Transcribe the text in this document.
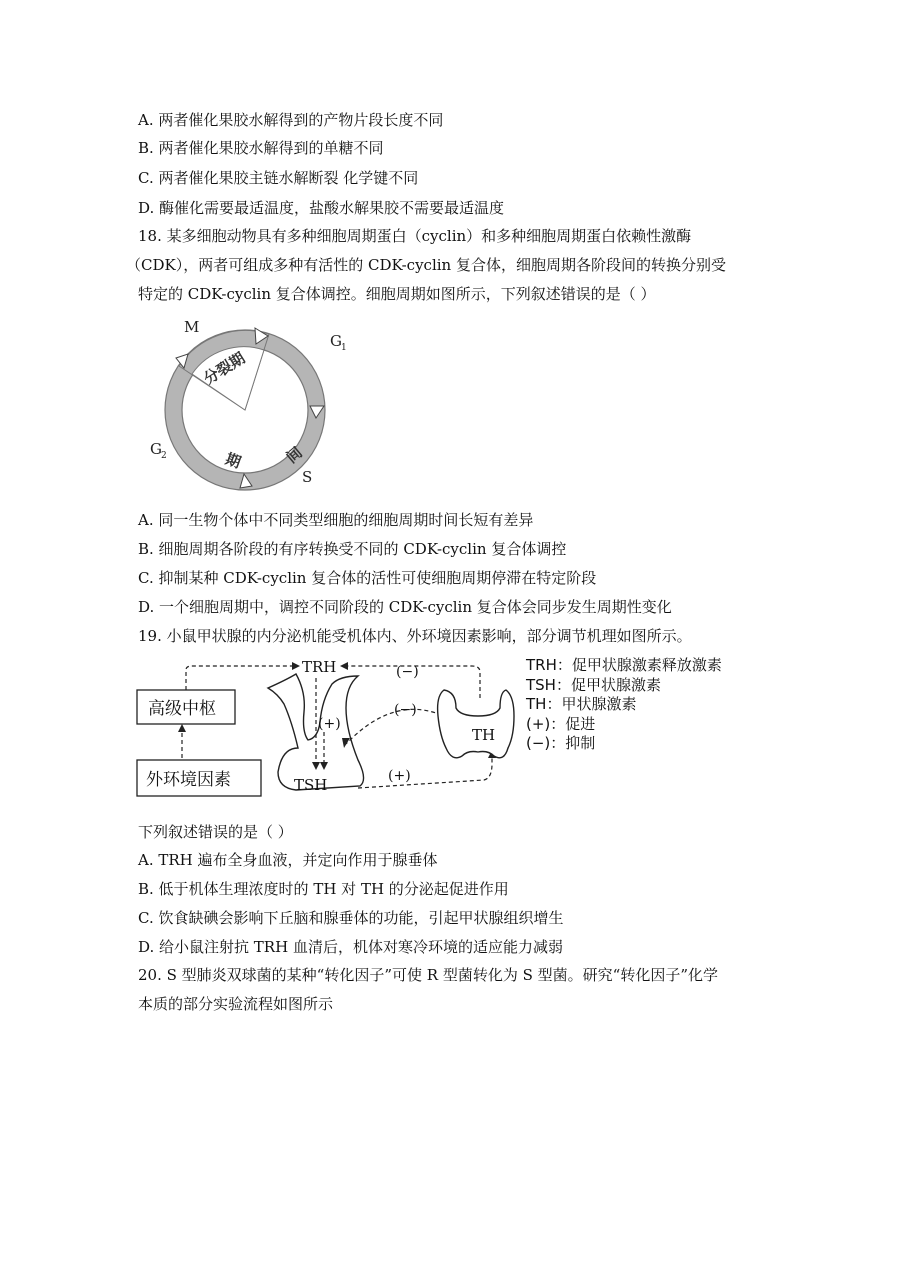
A. 两者催化果胶水解得到的产物片段长度不同
B. 两者催化果胶水解得到的单糖不同
C. 两者催化果胶主链水解断裂 化学键不同
D. 酶催化需要最适温度，盐酸水解果胶不需要最适温度
18. 某多细胞动物具有多种细胞周期蛋白（cyclin）和多种细胞周期蛋白依赖性激酶
（CDK），两者可组成多种有活性的 CDK-cyclin 复合体，细胞周期各阶段间的转换分别受
特定的 CDK-cyclin 复合体调控。细胞周期如图所示，下列叙述错误的是（ ）
M
G 1
G 2
S
分裂期
间
期
A. 同一生物个体中不同类型细胞的细胞周期时间长短有差异
B. 细胞周期各阶段的有序转换受不同的 CDK-cyclin 复合体调控
C. 抑制某种 CDK-cyclin 复合体的活性可使细胞周期停滞在特定阶段
D. 一个细胞周期中，调控不同阶段的 CDK-cyclin 复合体会同步发生周期性变化
19. 小鼠甲状腺的内分泌机能受机体内、外环境因素影响，部分调节机理如图所示。
高级中枢
外环境因素
TRH
(+)
TSH	(+)
(−)
(−)
TH
TRH：促甲状腺激素释放激素
TSH：促甲状腺激素
TH：甲状腺激素
(+)：促进
(−)：抑制
下列叙述错误的是（ ）
A. TRH 遍布全身血液，并定向作用于腺垂体
B. 低于机体生理浓度时的 TH 对 TH 的分泌起促进作用
C. 饮食缺碘会影响下丘脑和腺垂体的功能，引起甲状腺组织增生
D. 给小鼠注射抗 TRH 血清后，机体对寒冷环境的适应能力减弱
20. S 型肺炎双球菌的某种“转化因子”可使 R 型菌转化为 S 型菌。研究“转化因子”化学
本质的部分实验流程如图所示
